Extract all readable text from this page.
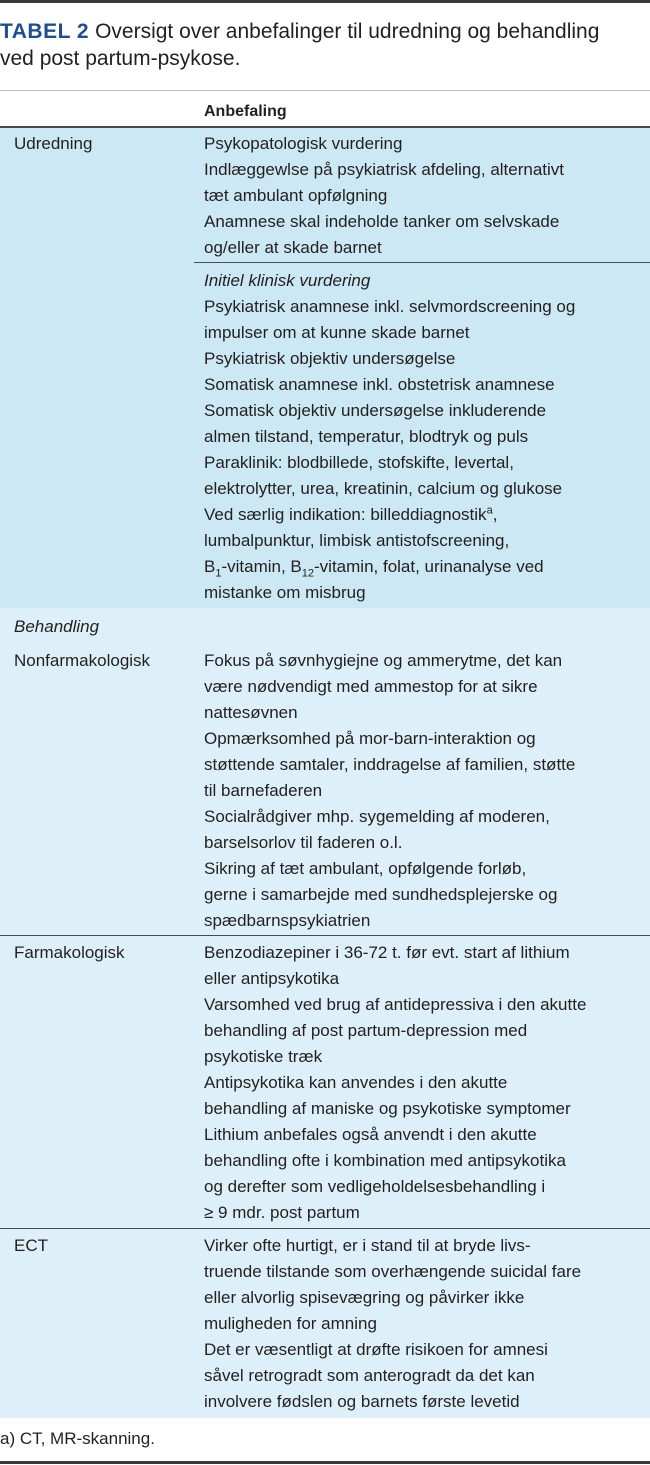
TABEL 2 Oversigt over anbefalinger til udredning og behandling
ved post partum-psykose.
Anbefaling
Udredning	Psykopatologisk vurdering
Indlæggewlse på psykiatrisk afdeling, alternativt
tæt ambulant opfølgning
Anamnese skal indeholde tanker om selvskade
og/eller at skade barnet
Initiel klinisk vurdering
Psykiatrisk anamnese inkl. selvmordscreening og
impulser om at kunne skade barnet
Psykiatrisk objektiv undersøgelse
Somatisk anamnese inkl. obstetrisk anamnese
Somatisk objektiv undersøgelse inkluderende
almen tilstand, temperatur, blodtryk og puls
Paraklinik: blodbillede, stofskifte, levertal,
elektrolytter, urea, kreatinin, calcium og glukose
Ved særlig indikation: billeddiagnostik$^a$,
lumbalpunktur, limbisk antistofscreening,
$B_1$-vitamin, $B_{12}$-vitamin, folat, urinanalyse ved
mistanke om misbrug
Behandling
Nonfarmakologisk	Fokus på søvnhygiejne og ammerytme, det kan
være nødvendigt med ammestop for at sikre
nattesøvnen
Opmærksomhed på mor-barn-interaktion og
støttende samtaler, inddragelse af familien, støtte
til barnefaderen
Socialrådgiver mhp. sygemelding af moderen,
barselsorlov til faderen o.l.
Sikring af tæt ambulant, opfølgende forløb,
gerne i samarbejde med sundhedsplejerske og
spædbarnspsykiatrien
Farmakologisk	Benzodiazepiner i 36-72 t. før evt. start af lithium
eller antipsykotika
Varsomhed ved brug af antidepressiva i den akutte
behandling af post partum-depression med
psykotiske træk
Antipsykotika kan anvendes i den akutte
behandling af maniske og psykotiske symptomer
Lithium anbefales også anvendt i den akutte
behandling ofte i kombination med antipsykotika
og derefter som vedligeholdelsesbehandling i
≥ 9 mdr. post partum
ECT	Virker ofte hurtigt, er i stand til at bryde livs-
truende tilstande som overhængende suicidal fare
eller alvorlig spisevægring og påvirker ikke
muligheden for amning
Det er væsentligt at drøfte risikoen for amnesi
såvel retrogradt som anterogradt da det kan
involvere fødslen og barnets første levetid
a) CT, MR-skanning.
